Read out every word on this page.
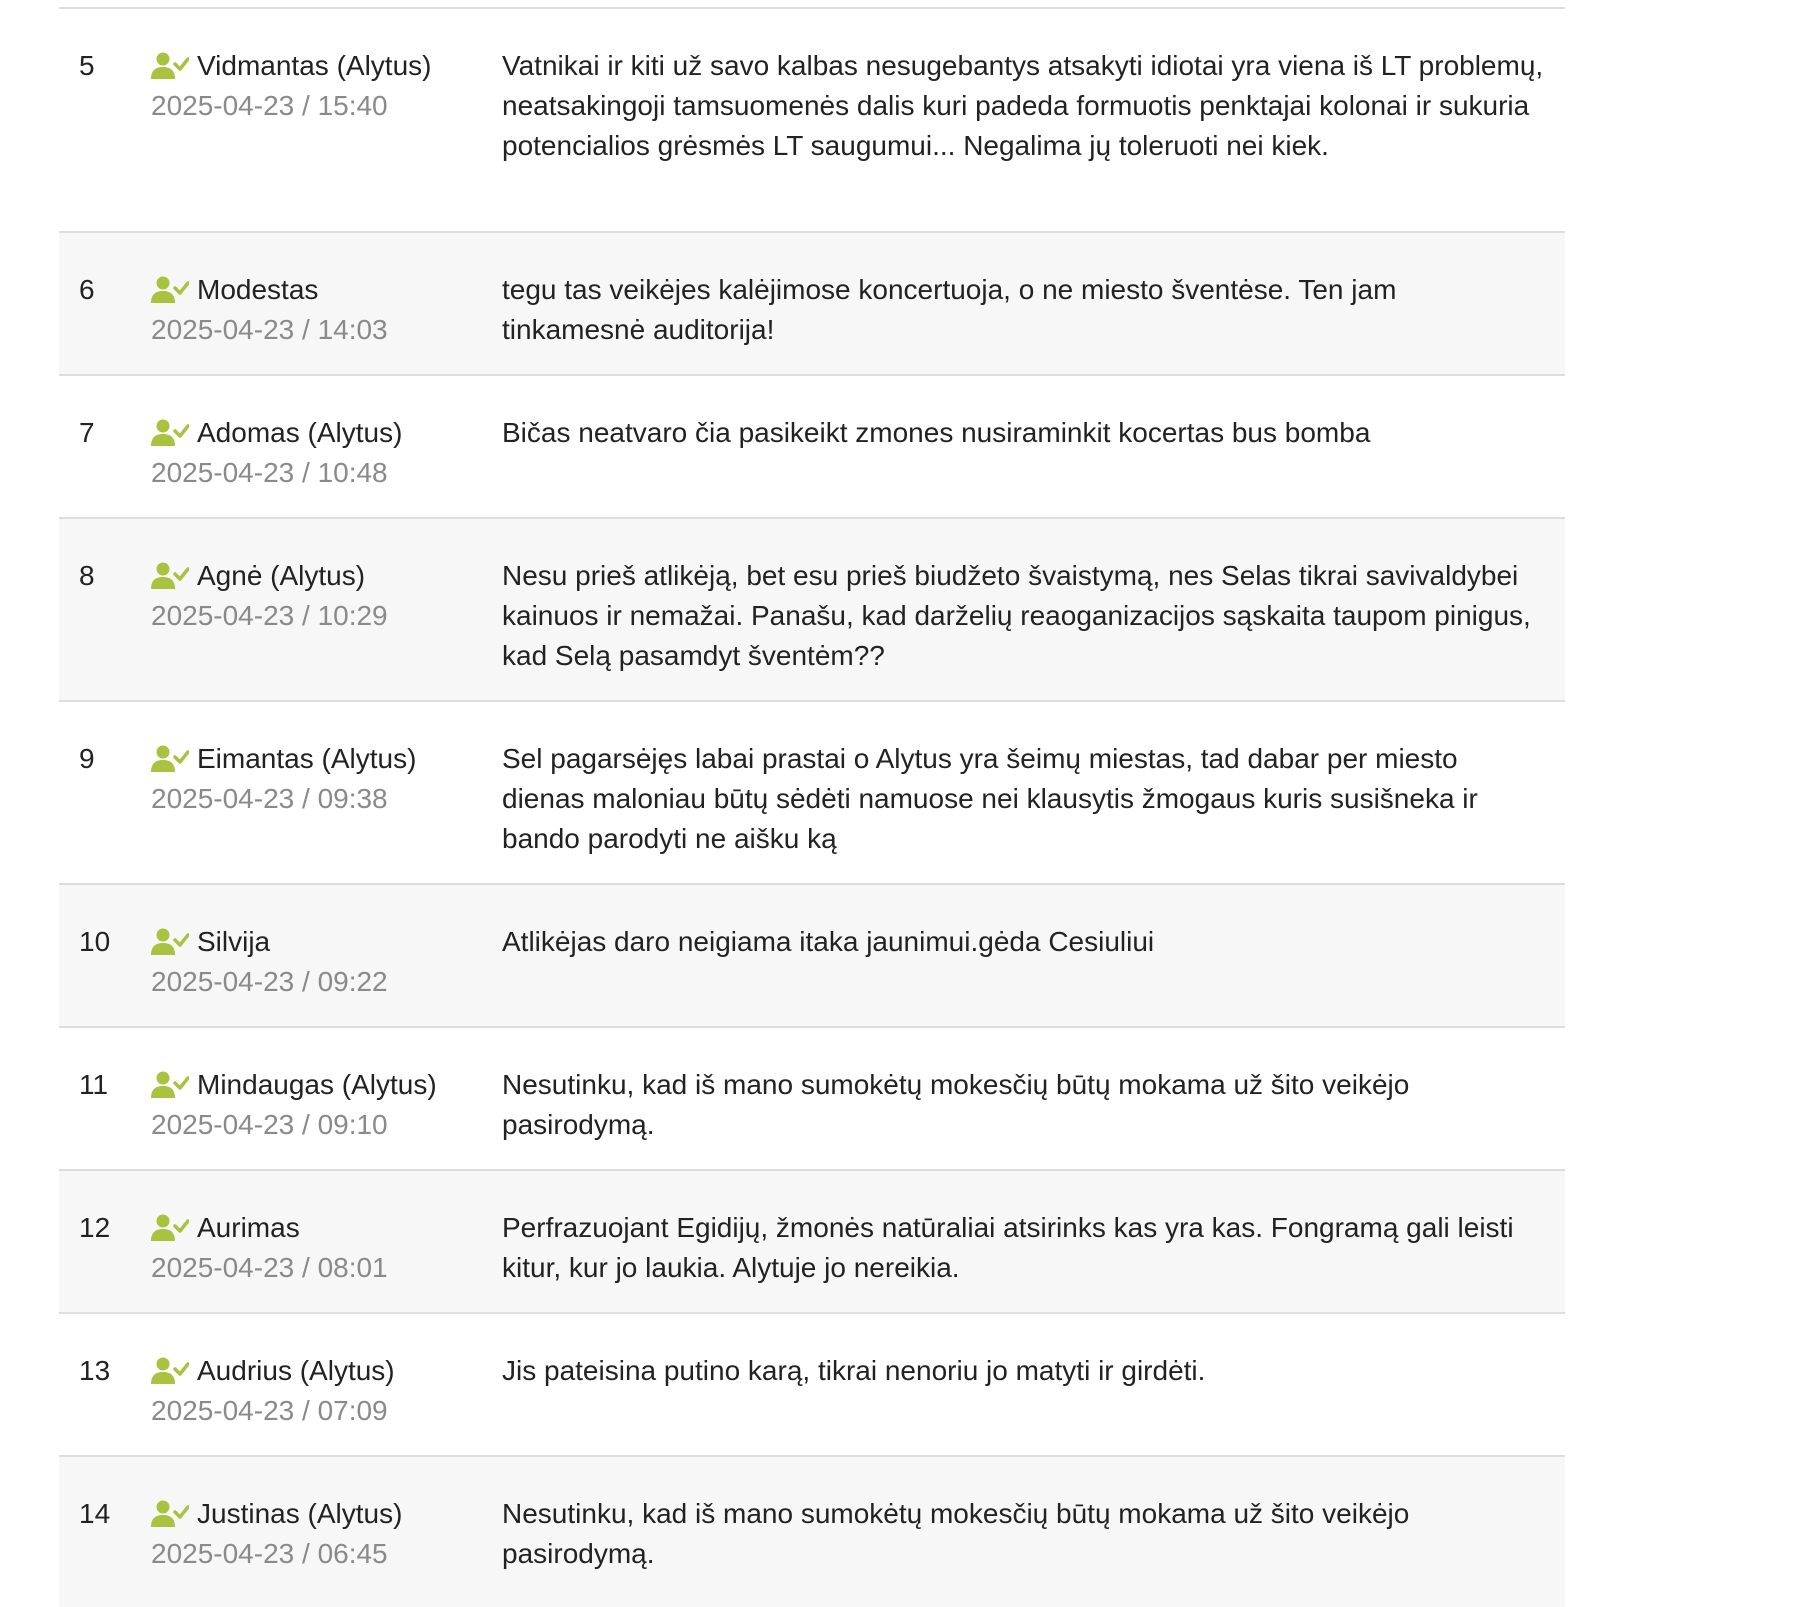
5	Vidmantas (Alytus)
2025-04-23 / 15:40
Vatnikai ir kiti už savo kalbas nesugebantys atsakyti idiotai yra viena iš LT problemų, neatsakingoji tamsuomenės dalis kuri padeda formuotis penktajai kolonai ir sukuria potencialios grėsmės LT saugumui... Negalima jų toleruoti nei kiek.
6	Modestas
2025-04-23 / 14:03
tegu tas veikėjes kalėjimose koncertuoja, o ne miesto šventėse. Ten jam tinkamesnė auditorija!
7	Adomas (Alytus)
2025-04-23 / 10:48
Bičas neatvaro čia pasikeikt zmones nusiraminkit kocertas bus bomba
8	Agnė (Alytus)
2025-04-23 / 10:29
Nesu prieš atlikėją, bet esu prieš biudžeto švaistymą, nes Selas tikrai savivaldybei kainuos ir nemažai. Panašu, kad darželių reaoganizacijos sąskaita taupom pinigus, kad Selą pasamdyt šventėm??
9	Eimantas (Alytus)
2025-04-23 / 09:38
Sel pagarsėjęs labai prastai o Alytus yra šeimų miestas, tad dabar per miesto dienas maloniau būtų sėdėti namuose nei klausytis žmogaus kuris susišneka ir bando parodyti ne aišku ką
10	Silvija
2025-04-23 / 09:22
Atlikėjas daro neigiama itaka jaunimui.gėda Cesiuliui
11	Mindaugas (Alytus)
2025-04-23 / 09:10
Nesutinku, kad iš mano sumokėtų mokesčių būtų mokama už šito veikėjo pasirodymą.
12	Aurimas
2025-04-23 / 08:01
Perfrazuojant Egidijų, žmonės natūraliai atsirinks kas yra kas. Fongramą gali leisti kitur, kur jo laukia. Alytuje jo nereikia.
13	Audrius (Alytus)
2025-04-23 / 07:09
Jis pateisina putino karą, tikrai nenoriu jo matyti ir girdėti.
14	Justinas (Alytus)
2025-04-23 / 06:45
Nesutinku, kad iš mano sumokėtų mokesčių būtų mokama už šito veikėjo pasirodymą.
